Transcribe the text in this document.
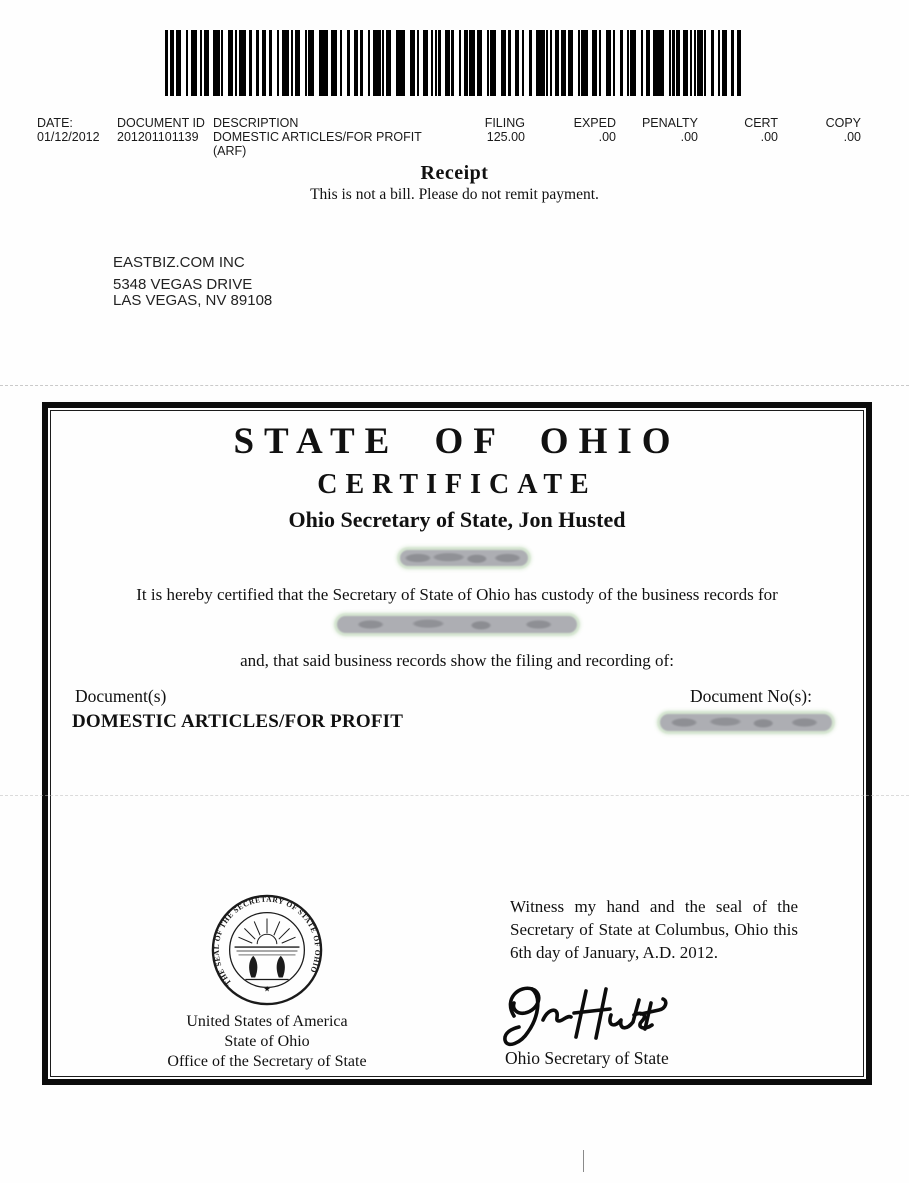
DATE:
01/12/2012
DOCUMENT ID
201201101139
DESCRIPTION
DOMESTIC ARTICLES/FOR PROFIT
(ARF)
FILING
125.00
EXPED
.00
PENALTY
.00
CERT
.00
COPY
.00
Receipt
This is not a bill. Please do not remit payment.
EASTBIZ.COM INC
5348 VEGAS DRIVE
LAS VEGAS, NV 89108
STATE OF OHIO
CERTIFICATE
Ohio Secretary of State, Jon Husted
It is hereby certified that the Secretary of State of Ohio has custody of the business records for
and, that said business records show the filing and recording of:
Document(s)	Document No(s):
DOMESTIC ARTICLES/FOR PROFIT
THE SEAL OF THE SECRETARY OF STATE OF OHIO
★
United States of America
State of Ohio
Office of the Secretary of State
Witness my hand and the seal of the Secretary of State at Columbus, Ohio this 6th day of January, A.D. 2012.
Ohio Secretary of State
